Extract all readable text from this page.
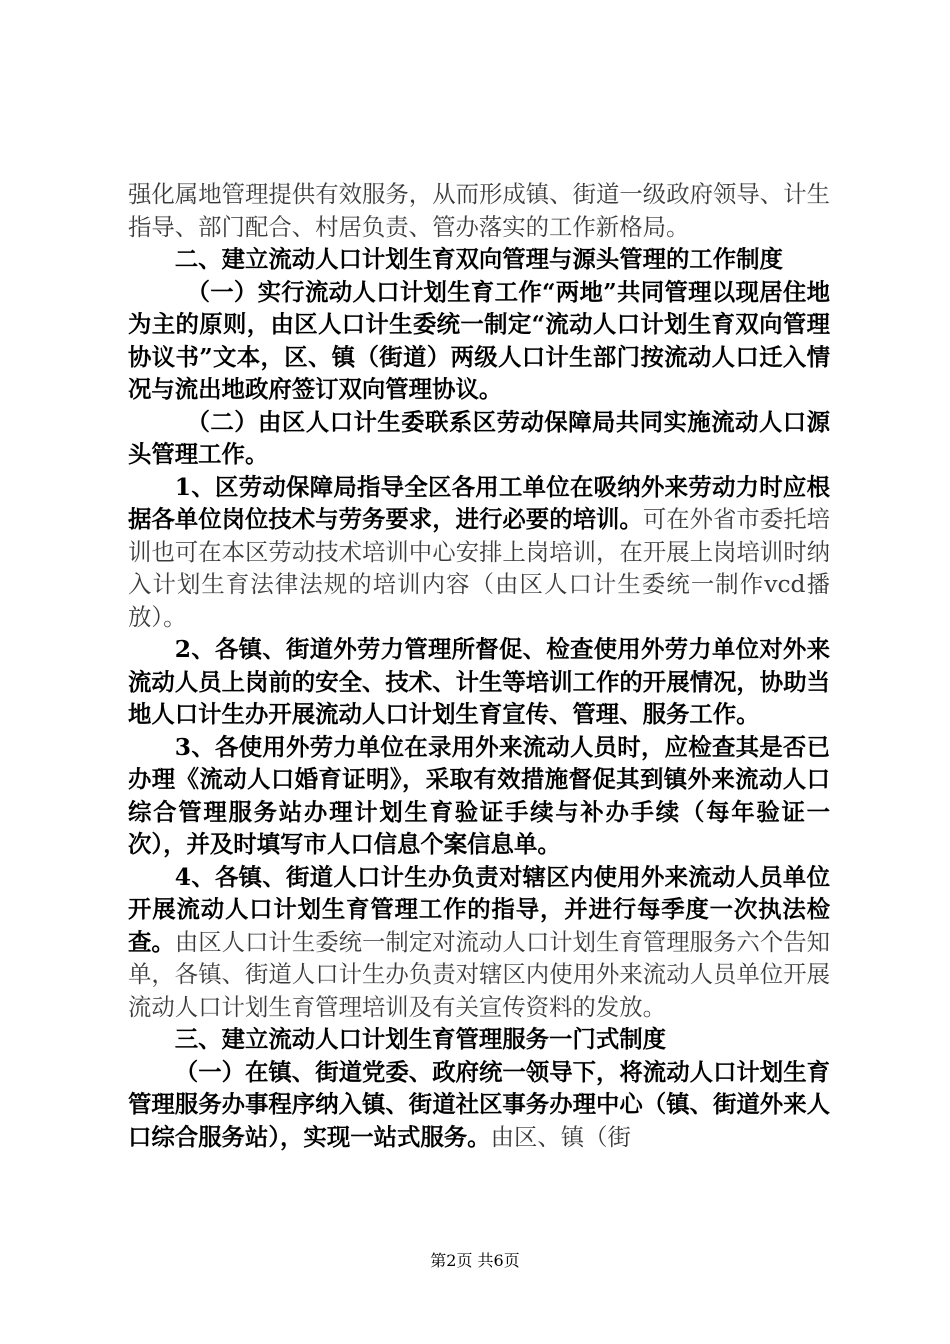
强化属地管理提供有效服务，从而形成镇、街道一级政府领导、计生指导、部门配合、村居负责、管办落实的工作新格局。

二、建立流动人口计划生育双向管理与源头管理的工作制度

（一）实行流动人口计划生育工作“两地”共同管理以现居住地为主的原则，由区人口计生委统一制定“流动人口计划生育双向管理协议书”文本，区、镇（街道）两级人口计生部门按流动人口迁入情况与流出地政府签订双向管理协议。

（二）由区人口计生委联系区劳动保障局共同实施流动人口源头管理工作。

1、区劳动保障局指导全区各用工单位在吸纳外来劳动力时应根据各单位岗位技术与劳务要求，进行必要的培训。可在外省市委托培训也可在本区劳动技术培训中心安排上岗培训，在开展上岗培训时纳入计划生育法律法规的培训内容（由区人口计生委统一制作vcd播放）。

2、各镇、街道外劳力管理所督促、检查使用外劳力单位对外来流动人员上岗前的安全、技术、计生等培训工作的开展情况，协助当地人口计生办开展流动人口计划生育宣传、管理、服务工作。

3、各使用外劳力单位在录用外来流动人员时，应检查其是否已办理《流动人口婚育证明》，采取有效措施督促其到镇外来流动人口综合管理服务站办理计划生育验证手续与补办手续（每年验证一次），并及时填写市人口信息个案信息单。

4、各镇、街道人口计生办负责对辖区内使用外来流动人员单位开展流动人口计划生育管理工作的指导，并进行每季度一次执法检查。由区人口计生委统一制定对流动人口计划生育管理服务六个告知单，各镇、街道人口计生办负责对辖区内使用外来流动人员单位开展流动人口计划生育管理培训及有关宣传资料的发放。

三、建立流动人口计划生育管理服务一门式制度

（一）在镇、街道党委、政府统一领导下，将流动人口计划生育管理服务办事程序纳入镇、街道社区事务办理中心（镇、街道外来人口综合服务站），实现一站式服务。由区、镇（街

第2页 共6页
